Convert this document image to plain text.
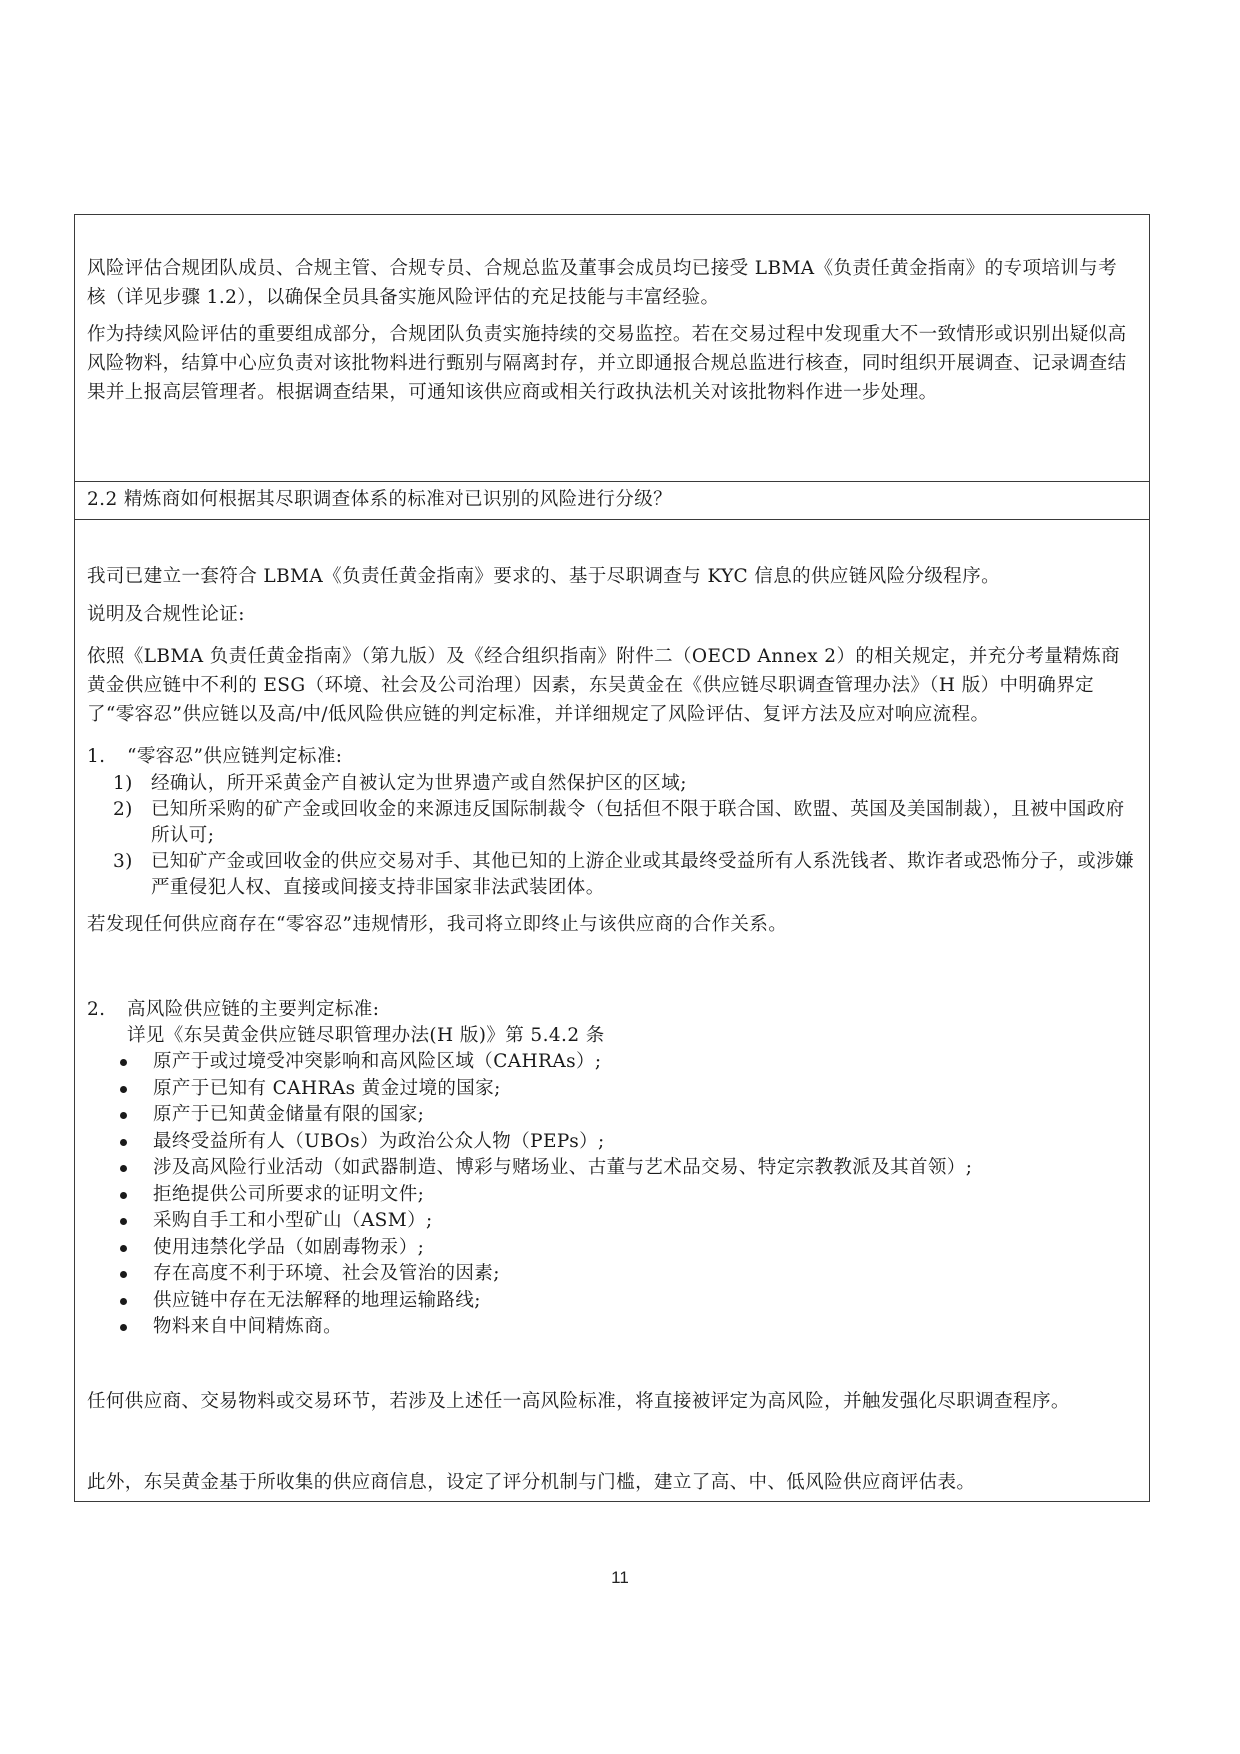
风险评估合规团队成员、合规主管、合规专员、合规总监及董事会成员均已接受 LBMA《负责任黄金指南》的专项培训与考核（详见步骤 1.2），以确保全员具备实施风险评估的充足技能与丰富经验。

作为持续风险评估的重要组成部分，合规团队负责实施持续的交易监控。若在交易过程中发现重大不一致情形或识别出疑似高风险物料，结算中心应负责对该批物料进行甄别与隔离封存，并立即通报合规总监进行核查，同时组织开展调查、记录调查结果并上报高层管理者。根据调查结果，可通知该供应商或相关行政执法机关对该批物料作进一步处理。

2.2 精炼商如何根据其尽职调查体系的标准对已识别的风险进行分级？

我司已建立一套符合 LBMA《负责任黄金指南》要求的、基于尽职调查与 KYC 信息的供应链风险分级程序。

说明及合规性论证:

依照《LBMA 负责任黄金指南》（第九版）及《经合组织指南》附件二（OECD Annex 2）的相关规定，并充分考量精炼商黄金供应链中不利的 ESG（环境、社会及公司治理）因素，东吴黄金在《供应链尽职调查管理办法》（H 版）中明确界定了“零容忍”供应链以及高/中/低风险供应链的判定标准，并详细规定了风险评估、复评方法及应对响应流程。

1.	“零容忍”供应链判定标准:
1) 经确认，所开采黄金产自被认定为世界遗产或自然保护区的区域;
2) 已知所采购的矿产金或回收金的来源违反国际制裁令（包括但不限于联合国、欧盟、英国及美国制裁），且被中国政府所认可;
3) 已知矿产金或回收金的供应交易对手、其他已知的上游企业或其最终受益所有人系洗钱者、欺诈者或恐怖分子，或涉嫌严重侵犯人权、直接或间接支持非国家非法武装团体。

若发现任何供应商存在“零容忍”违规情形，我司将立即终止与该供应商的合作关系。

2.	高风险供应链的主要判定标准:
详见《东吴黄金供应链尽职管理办法(H 版)》第 5.4.2 条
原产于或过境受冲突影响和高风险区域（CAHRAs）;
原产于已知有 CAHRAs 黄金过境的国家;
原产于已知黄金储量有限的国家;
最终受益所有人（UBOs）为政治公众人物（PEPs）;
涉及高风险行业活动（如武器制造、博彩与赌场业、古董与艺术品交易、特定宗教教派及其首领）;
拒绝提供公司所要求的证明文件;
采购自手工和小型矿山（ASM）;
使用违禁化学品（如剧毒物汞）;
存在高度不利于环境、社会及管治的因素;
供应链中存在无法解释的地理运输路线;
物料来自中间精炼商。

任何供应商、交易物料或交易环节，若涉及上述任一高风险标准，将直接被评定为高风险，并触发强化尽职调查程序。

此外，东吴黄金基于所收集的供应商信息，设定了评分机制与门槛，建立了高、中、低风险供应商评估表。

11
